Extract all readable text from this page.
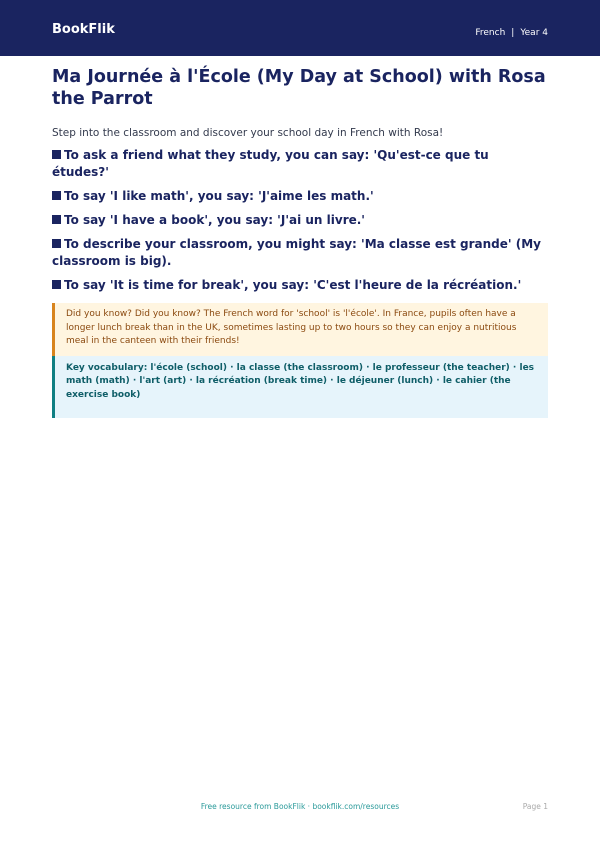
BookFlik	French | Year 4
Ma Journée à l'École (My Day at School) with Rosa the Parrot

Step into the classroom and discover your school day in French with Rosa!

To ask a friend what they study, you can say: 'Qu'est-ce que tu études?'
To say 'I like math', you say: 'J'aime les math.'
To say 'I have a book', you say: 'J'ai un livre.'
To describe your classroom, you might say: 'Ma classe est grande' (My classroom is big).
To say 'It is time for break', you say: 'C'est l'heure de la récréation.'
Did you know? Did you know? The French word for 'school' is 'l'école'. In France, pupils often have a longer lunch break than in the UK, sometimes lasting up to two hours so they can enjoy a nutritious meal in the canteen with their friends!
Key vocabulary: l'école (school) · la classe (the classroom) · le professeur (the teacher) · les math (math) · l'art (art) · la récréation (break time) · le déjeuner (lunch) · le cahier (the exercise book)
Free resource from BookFlik · bookflik.com/resources	Page 1
